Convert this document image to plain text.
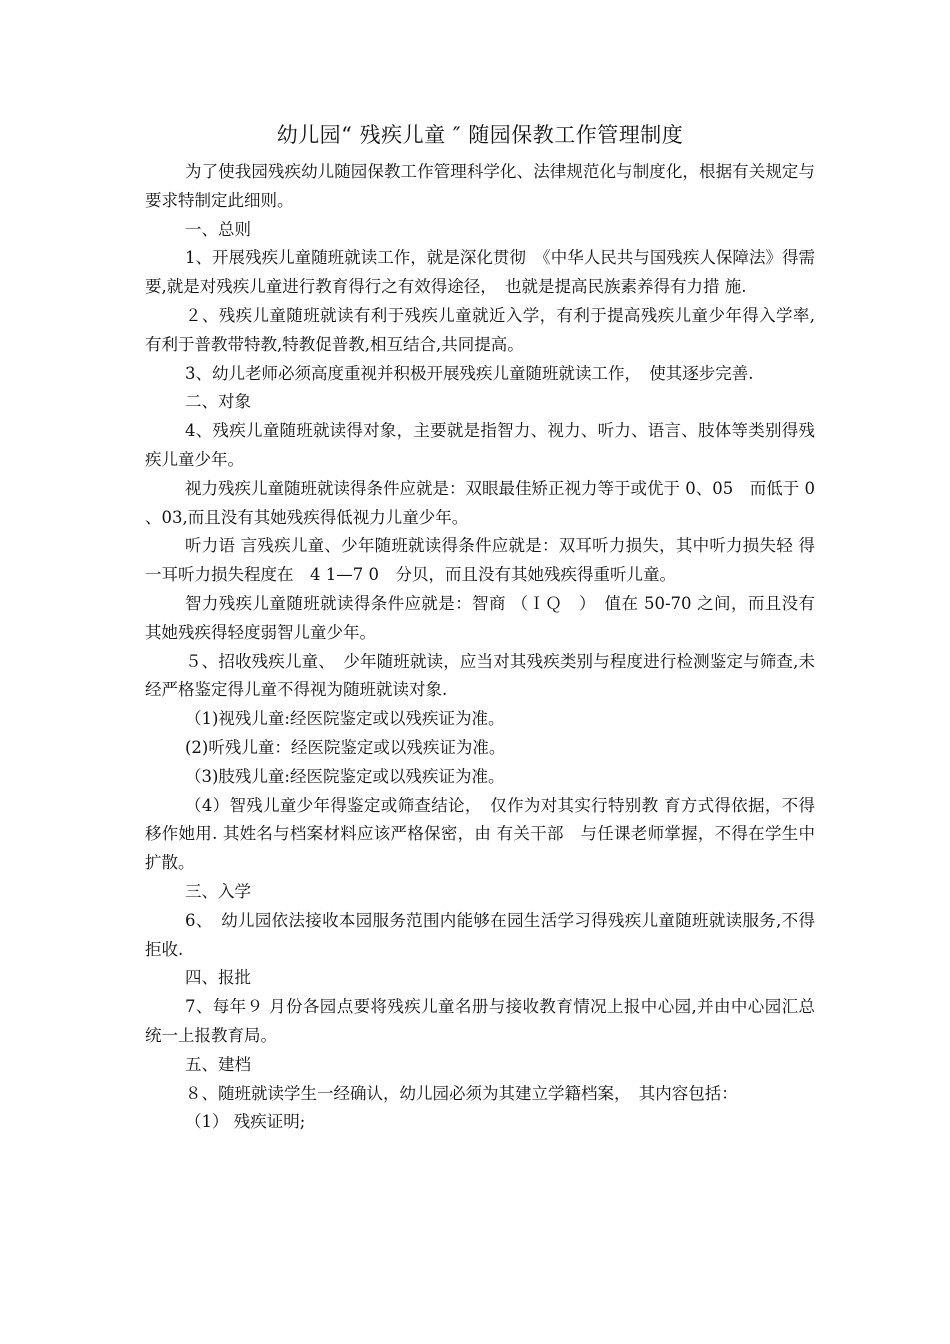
幼儿园“ 残疾儿童 ″ 随园保教工作管理制度

为了使我园残疾幼儿随园保教工作管理科学化、法律规范化与制度化，根据有关规定与要求特制定此细则。

一、总则

1、开展残疾儿童随班就读工作，就是深化贯彻　《中华人民共与国残疾人保障法》得需要,就是对残疾儿童进行教育得行之有效得途径，　也就是提高民族素养得有力措 施.

２、残疾儿童随班就读有利于残疾儿童就近入学，有利于提高残疾儿童少年得入学率,有利于普教带特教,特教促普教,相互结合,共同提高。

3、幼儿老师必须高度重视并积极开展残疾儿童随班就读工作，　使其逐步完善.

二、对象

4、残疾儿童随班就读得对象，主要就是指智力、视力、听力、语言、肢体等类别得残疾儿童少年。

视力残疾儿童随班就读得条件应就是：双眼最佳矫正视力等于或优于 0、05　而低于 0 、03,而且没有其她残疾得低视力儿童少年。

听力语 言残疾儿童、少年随班就读得条件应就是：双耳听力损失，其中听力损失轻 得一耳听力损失程度在　4 1—7 0　分贝，而且没有其她残疾得重听儿童。

智力残疾儿童随班就读得条件应就是：智商 （ＩＱ　）　值在 50-70 之间，而且没有其她残疾得轻度弱智儿童少年。

５、招收残疾儿童、　少年随班就读，应当对其残疾类别与程度进行检测鉴定与筛查,未经严格鉴定得儿童不得视为随班就读对象.

（1)视残儿童:经医院鉴定或以残疾证为准。

(2)听残儿童：经医院鉴定或以残疾证为准。

（3)肢残儿童:经医院鉴定或以残疾证为准。

（4）智残儿童少年得鉴定或筛查结论，　仅作为对其实行特别教 育方式得依据，不得移作她用. 其姓名与档案材料应该严格保密，由 有关干部　与任课老师掌握，不得在学生中扩散。

三、入学

6、　幼儿园依法接收本园服务范围内能够在园生活学习得残疾儿童随班就读服务,不得拒收.

四、报批

7、每年９ 月份各园点要将残疾儿童名册与接收教育情况上报中心园,并由中心园汇总统一上报教育局。

五、建档

８、随班就读学生一经确认，幼儿园必须为其建立学籍档案，　其内容包括：

（1） 残疾证明;
